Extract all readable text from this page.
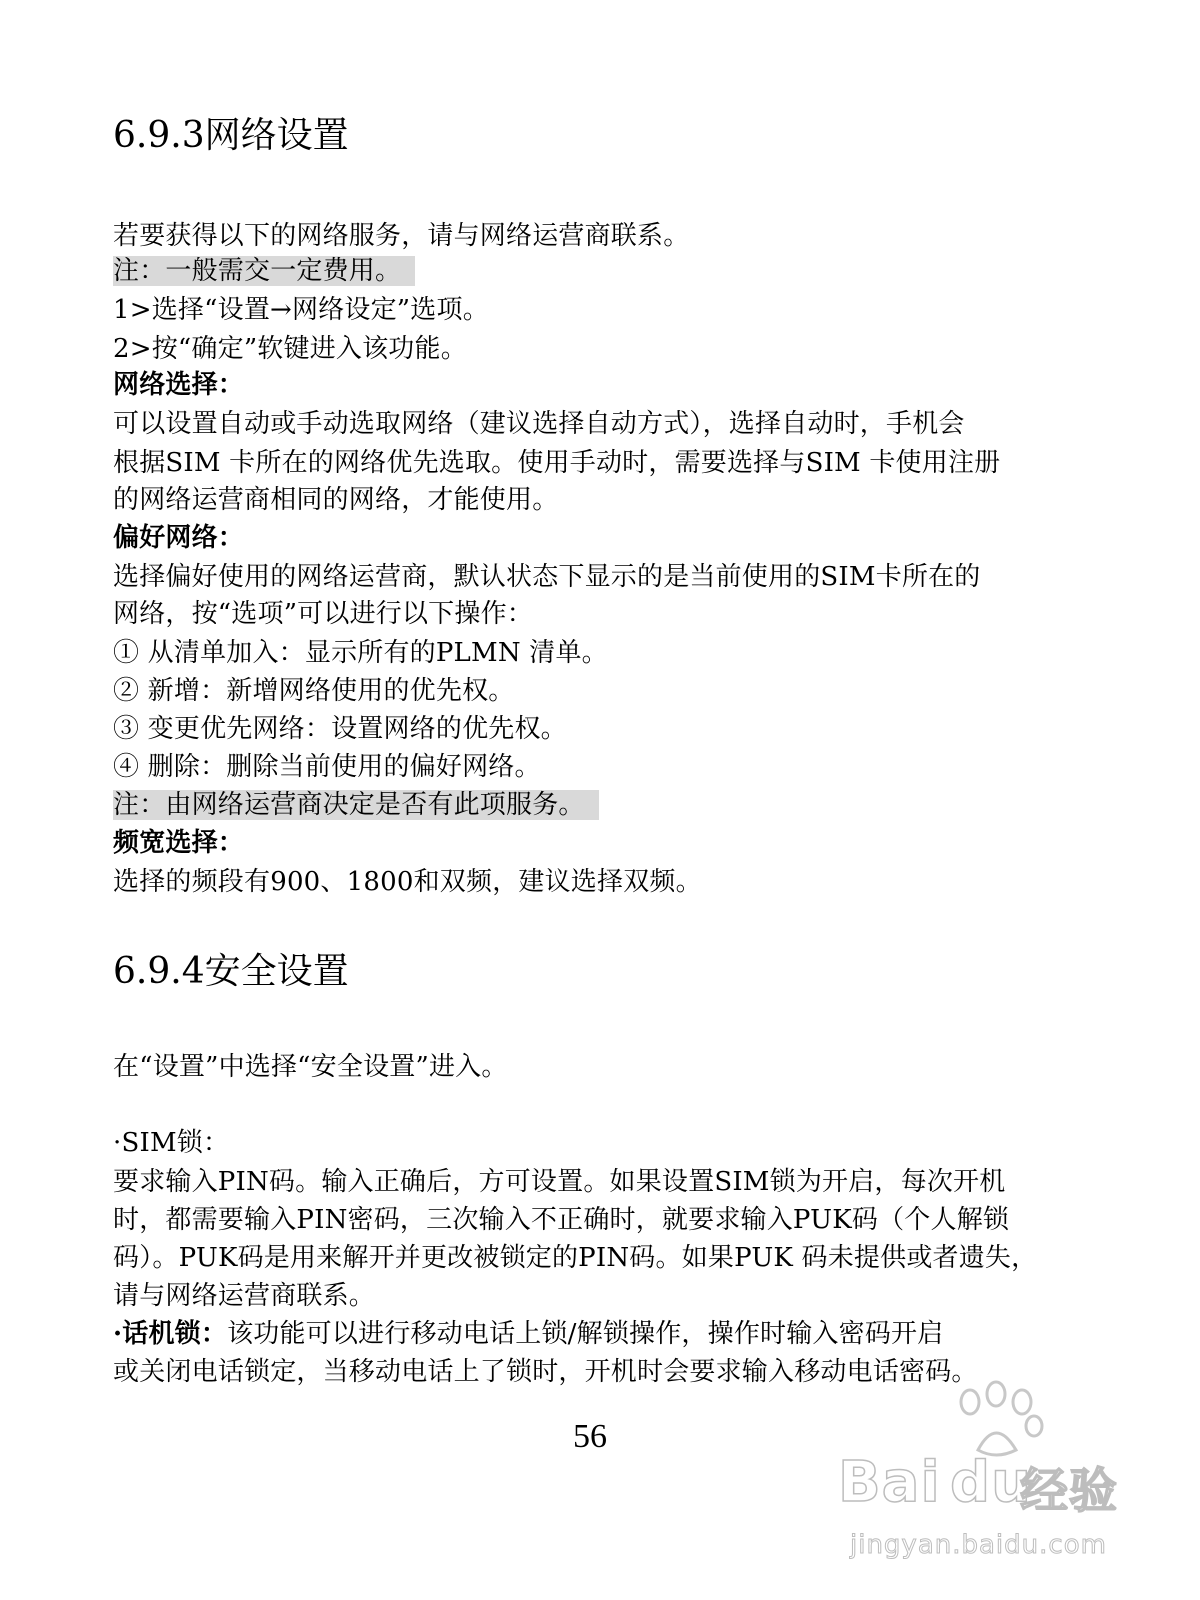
6.9.3网络设置

若要获得以下的网络服务，请与网络运营商联系。

注：一般需交一定费用。

1>选择“设置→网络设定”选项。

2>按“确定”软键进入该功能。

网络选择：

可以设置自动或手动选取网络（建议选择自动方式），选择自动时，手机会

根据SIM 卡所在的网络优先选取。使用手动时，需要选择与SIM 卡使用注册

的网络运营商相同的网络，才能使用。

偏好网络：

选择偏好使用的网络运营商，默认状态下显示的是当前使用的SIM卡所在的

网络，按“选项”可以进行以下操作：

① 从清单加入：显示所有的PLMN 清单。

② 新增：新增网络使用的优先权。

③ 变更优先网络：设置网络的优先权。

④ 删除：删除当前使用的偏好网络。

注：由网络运营商决定是否有此项服务。

频宽选择：

选择的频段有900、1800和双频，建议选择双频。

6.9.4安全设置

在“设置”中选择“安全设置”进入。

·SIM锁：

要求输入PIN码。输入正确后，方可设置。如果设置SIM锁为开启，每次开机

时，都需要输入PIN密码，三次输入不正确时，就要求输入PUK码（个人解锁

码）。PUK码是用来解开并更改被锁定的PIN码。如果PUK 码未提供或者遗失，

请与网络运营商联系。

·话机锁：该功能可以进行移动电话上锁/解锁操作，操作时输入密码开启

或关闭电话锁定，当移动电话上了锁时，开机时会要求输入移动电话密码。

56
Bai du
经验
jingyan.baidu.com
